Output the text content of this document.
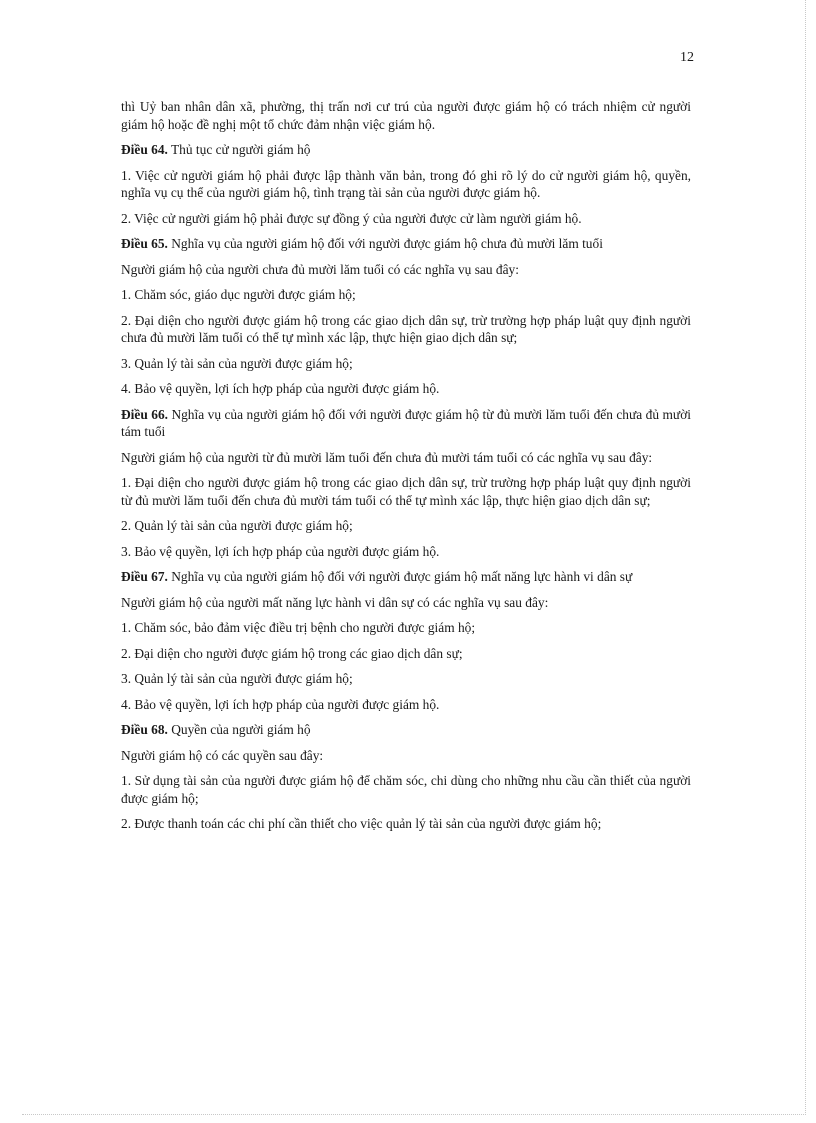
12

thì Uỷ ban nhân dân xã, phường, thị trấn nơi cư trú của người được giám hộ có trách nhiệm cử người giám hộ hoặc đề nghị một tổ chức đảm nhận việc giám hộ.

Điều 64. Thủ tục cử người giám hộ

1. Việc cử người giám hộ phải được lập thành văn bản, trong đó ghi rõ lý do cử người giám hộ, quyền, nghĩa vụ cụ thể của người giám hộ, tình trạng tài sản của người được giám hộ.

2. Việc cử người giám hộ phải được sự đồng ý của người được cử làm người giám hộ.

Điều 65. Nghĩa vụ của người giám hộ đối với người được giám hộ chưa đủ mười lăm tuổi

Người giám hộ của người chưa đủ mười lăm tuổi có các nghĩa vụ sau đây:

1. Chăm sóc, giáo dục người được giám hộ;

2. Đại diện cho người được giám hộ trong các giao dịch dân sự, trừ trường hợp pháp luật quy định người chưa đủ mười lăm tuổi có thể tự mình xác lập, thực hiện giao dịch dân sự;

3. Quản lý tài sản của người được giám hộ;

4. Bảo vệ quyền, lợi ích hợp pháp của người được giám hộ.

Điều 66. Nghĩa vụ của người giám hộ đối với người được giám hộ từ đủ mười lăm tuổi đến chưa đủ mười tám tuổi

Người giám hộ của người từ đủ mười lăm tuổi đến chưa đủ mười tám tuổi có các nghĩa vụ sau đây:

1. Đại diện cho người được giám hộ trong các giao dịch dân sự, trừ trường hợp pháp luật quy định người từ đủ mười lăm tuổi đến chưa đủ mười tám tuổi có thể tự mình xác lập, thực hiện giao dịch dân sự;

2. Quản lý tài sản của người được giám hộ;

3. Bảo vệ quyền, lợi ích hợp pháp của người được giám hộ.

Điều 67. Nghĩa vụ của người giám hộ đối với người được giám hộ mất năng lực hành vi dân sự

Người giám hộ của người mất năng lực hành vi dân sự có các nghĩa vụ sau đây:

1. Chăm sóc, bảo đảm việc điều trị bệnh cho người được giám hộ;

2. Đại diện cho người được giám hộ trong các giao dịch dân sự;

3. Quản lý tài sản của người được giám hộ;

4. Bảo vệ quyền, lợi ích hợp pháp của người được giám hộ.

Điều 68. Quyền của người giám hộ

Người giám hộ có các quyền sau đây:

1. Sử dụng tài sản của người được giám hộ để chăm sóc, chi dùng cho những nhu cầu cần thiết của người được giám hộ;

2. Được thanh toán các chi phí cần thiết cho việc quản lý tài sản của người được giám hộ;
